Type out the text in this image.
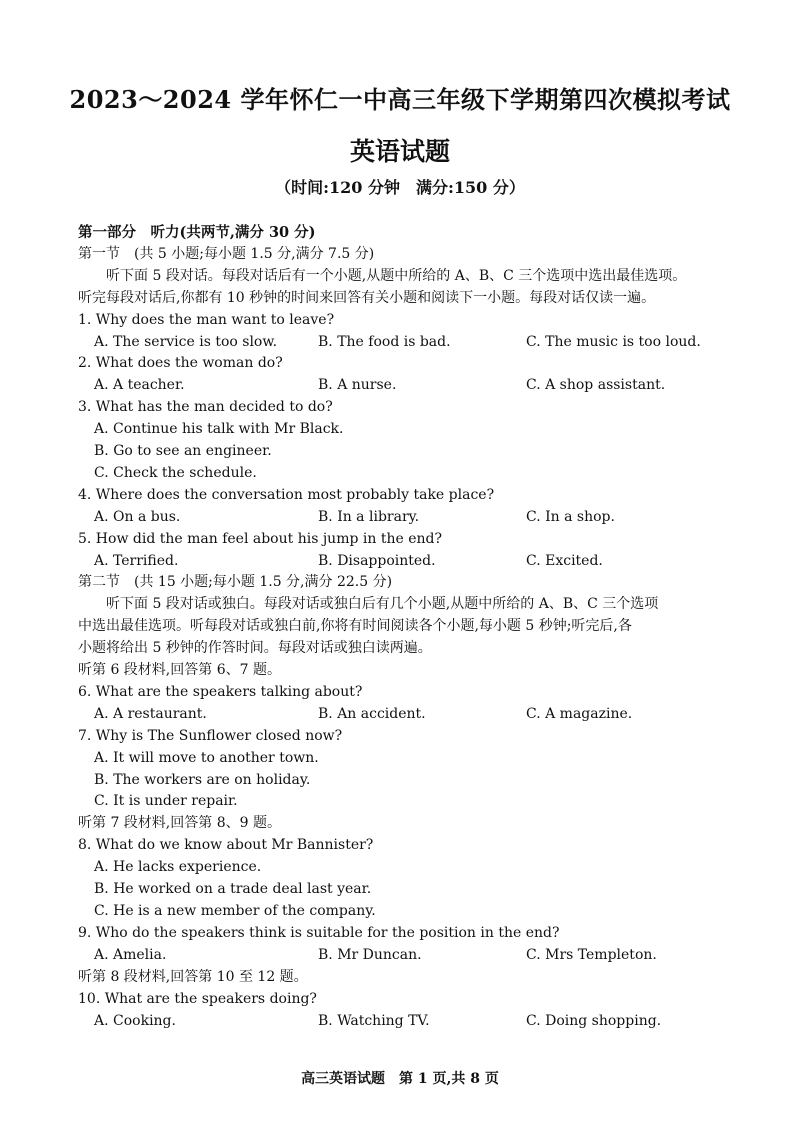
2023～2024 学年怀仁一中高三年级下学期第四次模拟考试
英语试题
（时间:120 分钟　满分:150 分）
第一部分　听力(共两节,满分 30 分)
第一节　(共 5 小题;每小题 1.5 分,满分 7.5 分)
听下面 5 段对话。每段对话后有一个小题,从题中所给的 A、B、C 三个选项中选出最佳选项。
听完每段对话后,你都有 10 秒钟的时间来回答有关小题和阅读下一小题。每段对话仅读一遍。
1. Why does the man want to leave?
A. The service is too slow.	B. The food is bad.	C. The music is too loud.
2. What does the woman do?
A. A teacher.	B. A nurse.	C. A shop assistant.
3. What has the man decided to do?
A. Continue his talk with Mr Black.
B. Go to see an engineer.
C. Check the schedule.
4. Where does the conversation most probably take place?
A. On a bus.	B. In a library.	C. In a shop.
5. How did the man feel about his jump in the end?
A. Terrified.	B. Disappointed.	C. Excited.
第二节　(共 15 小题;每小题 1.5 分,满分 22.5 分)
听下面 5 段对话或独白。每段对话或独白后有几个小题,从题中所给的 A、B、C 三个选项
中选出最佳选项。听每段对话或独白前,你将有时间阅读各个小题,每小题 5 秒钟;听完后,各
小题将给出 5 秒钟的作答时间。每段对话或独白读两遍。
听第 6 段材料,回答第 6、7 题。
6. What are the speakers talking about?
A. A restaurant.	B. An accident.	C. A magazine.
7. Why is The Sunflower closed now?
A. It will move to another town.
B. The workers are on holiday.
C. It is under repair.
听第 7 段材料,回答第 8、9 题。
8. What do we know about Mr Bannister?
A. He lacks experience.
B. He worked on a trade deal last year.
C. He is a new member of the company.
9. Who do the speakers think is suitable for the position in the end?
A. Amelia.	B. Mr Duncan.	C. Mrs Templeton.
听第 8 段材料,回答第 10 至 12 题。
10. What are the speakers doing?
A. Cooking.	B. Watching TV.	C. Doing shopping.
高三英语试题　第 1 页,共 8 页
